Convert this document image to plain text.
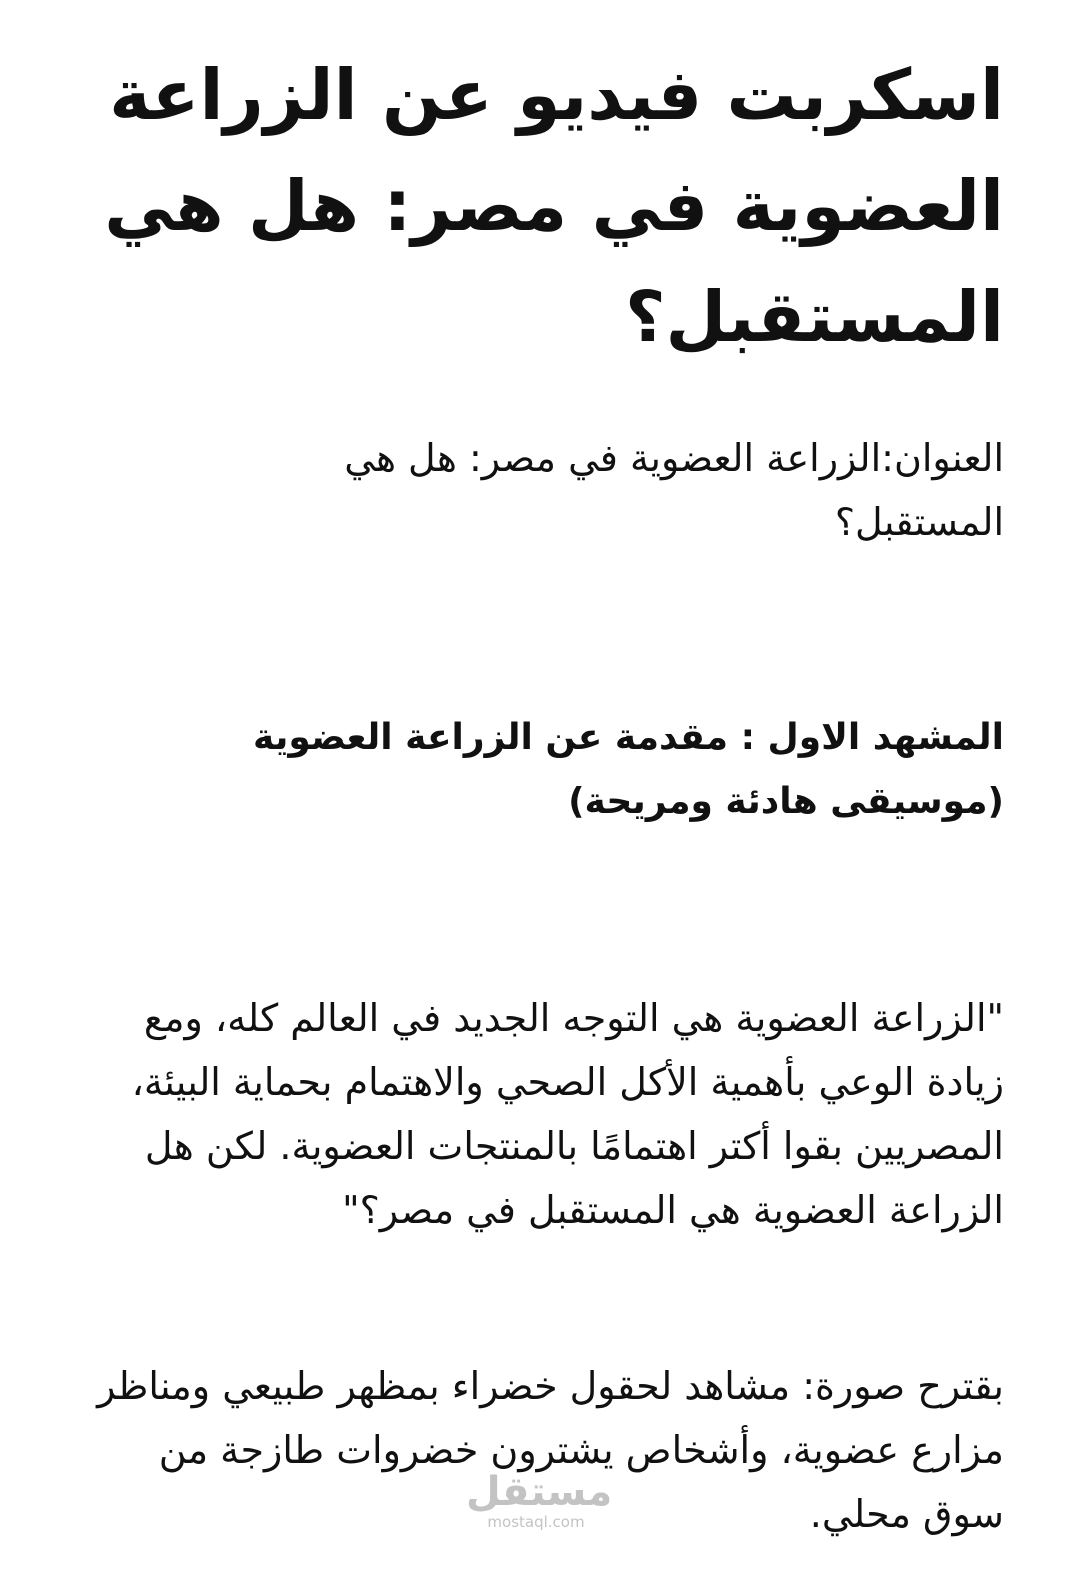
اسكربت فيديو عن الزراعة العضوية في مصر: هل هي المستقبل؟

العنوان:الزراعة العضوية في مصر: هل هي المستقبل؟

المشهد الاول : مقدمة عن الزراعة العضوية (موسيقى هادئة ومريحة)

"الزراعة العضوية هي التوجه الجديد في العالم كله، ومع زيادة الوعي بأهمية الأكل الصحي والاهتمام بحماية البيئة، المصريين بقوا أكتر اهتمامًا بالمنتجات العضوية. لكن هل الزراعة العضوية هي المستقبل في مصر؟"

بقترح صورة: مشاهد لحقول خضراء بمظهر طبيعي ومناظر مزارع عضوية، وأشخاص يشترون خضروات طازجة من سوق محلي.

مستقل
mostaql.com
